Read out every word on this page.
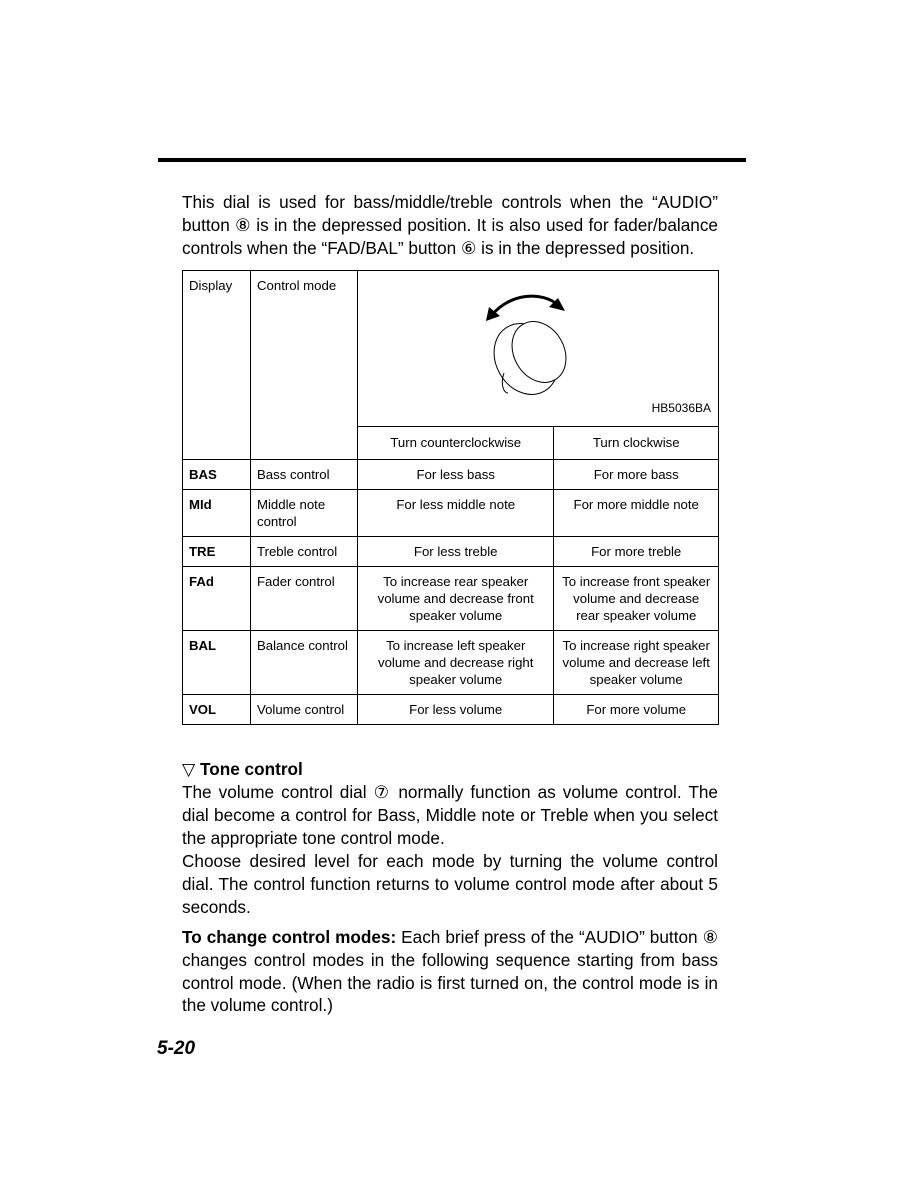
This dial is used for bass/middle/treble controls when the “AUDIO” button ⑧ is in the depressed position. It is also used for fader/balance controls when the “FAD/BAL” button ⑥ is in the depressed position.

Display	Control mode	HB5036BA	

		Turn counterclockwise	Turn clockwise
BAS	Bass control	For less bass	For more bass
MId	Middle note control	For less middle note	For more middle note
TRE	Treble control	For less treble	For more treble
FAd	Fader control	To increase rear speaker volume and decrease front speaker volume	To increase front speaker volume and decrease rear speaker volume
BAL	Balance control	To increase left speaker volume and decrease right speaker volume	To increase right speaker volume and decrease left speaker volume
VOL	Volume control	For less volume	For more volume

▽ Tone control

The volume control dial ⑦ normally function as volume control. The dial become a control for Bass, Middle note or Treble when you select the appropriate tone control mode.

Choose desired level for each mode by turning the volume control dial. The control function returns to volume control mode after about 5 seconds.

To change control modes: Each brief press of the “AUDIO” button ⑧ changes control modes in the following sequence starting from bass control mode. (When the radio is first turned on, the control mode is in the volume control.)

5-20
